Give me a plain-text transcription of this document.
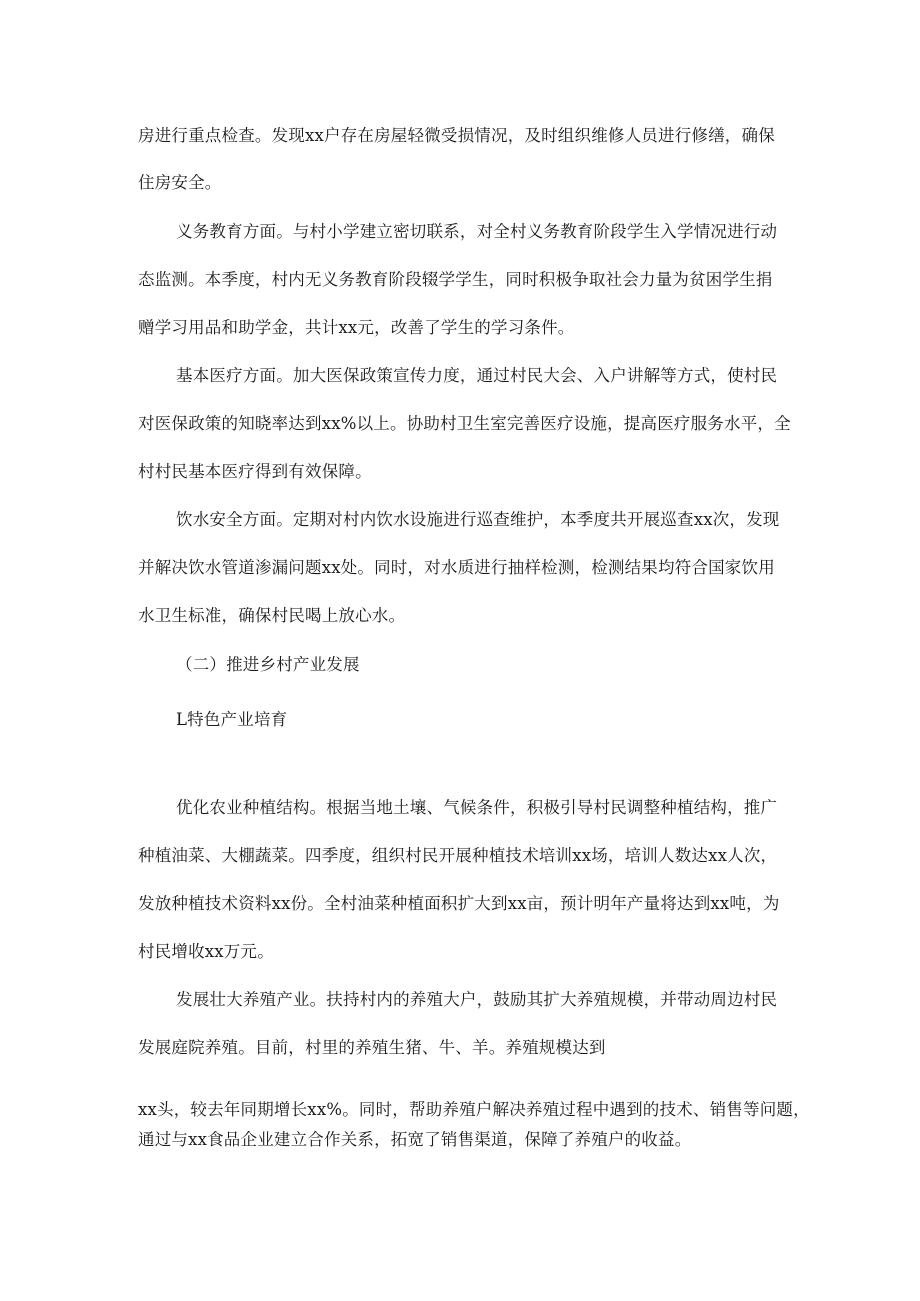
房进行重点检查。发现xx户存在房屋轻微受损情况，及时组织维修人员进行修缮，确保
住房安全。
义务教育方面。与村小学建立密切联系，对全村义务教育阶段学生入学情况进行动
态监测。本季度，村内无义务教育阶段辍学学生，同时积极争取社会力量为贫困学生捐
赠学习用品和助学金，共计xx元，改善了学生的学习条件。
基本医疗方面。加大医保政策宣传力度，通过村民大会、入户讲解等方式，使村民
对医保政策的知晓率达到xx%以上。协助村卫生室完善医疗设施，提高医疗服务水平，全
村村民基本医疗得到有效保障。
饮水安全方面。定期对村内饮水设施进行巡查维护，本季度共开展巡查xx次，发现
并解决饮水管道渗漏问题xx处。同时，对水质进行抽样检测，检测结果均符合国家饮用
水卫生标准，确保村民喝上放心水。
（二）推进乡村产业发展
L特色产业培育
优化农业种植结构。根据当地土壤、气候条件，积极引导村民调整种植结构，推广
种植油菜、大棚蔬菜。四季度，组织村民开展种植技术培训xx场，培训人数达xx人次，
发放种植技术资料xx份。全村油菜种植面积扩大到xx亩，预计明年产量将达到xx吨，为
村民增收xx万元。
发展壮大养殖产业。扶持村内的养殖大户，鼓励其扩大养殖规模，并带动周边村民
发展庭院养殖。目前，村里的养殖生猪、牛、羊。养殖规模达到
xx头，较去年同期增长xx%。同时，帮助养殖户解决养殖过程中遇到的技术、销售等问题，
通过与xx食品企业建立合作关系，拓宽了销售渠道，保障了养殖户的收益。
